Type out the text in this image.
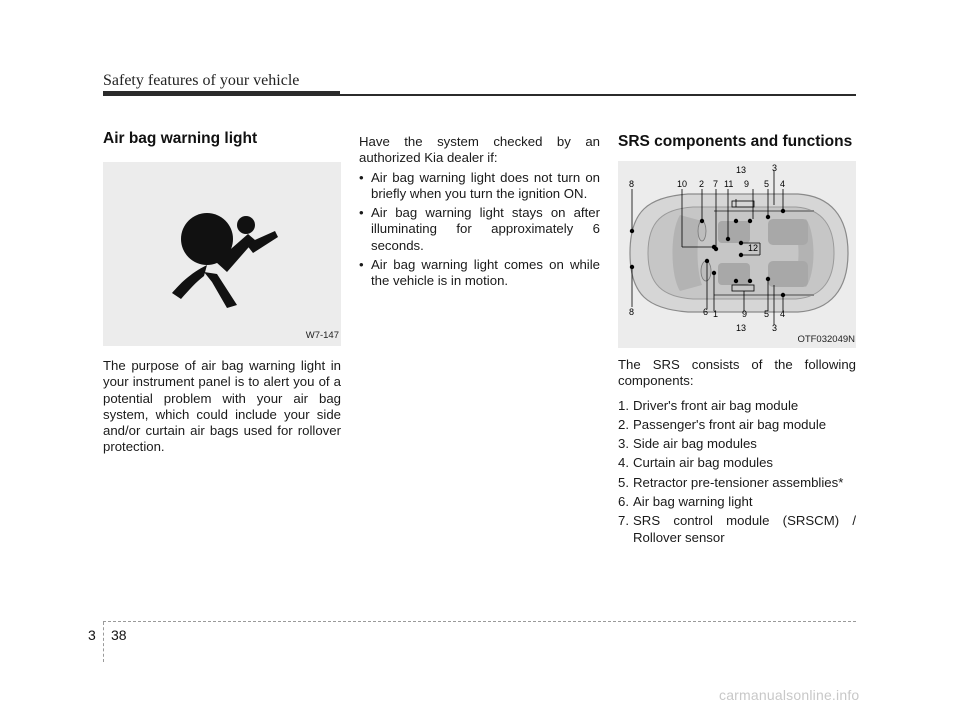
Safety features of your vehicle
Air bag warning light
W7-147

The purpose of air bag warning light in your instrument panel is to alert you of a potential problem with your air bag system, which could include your side and/or curtain air bags used for rollover protection.

Have the system checked by an authorized Kia dealer if:

• Air bag warning light does not turn on briefly when you turn the ignition ON.
• Air bag warning light stays on after illuminating for approximately 6 seconds.
• Air bag warning light comes on while the vehicle is in motion.
SRS components and functions
13	3
8	10 2 7 11 9 5 4
12
8	6 1	9 5 4
13	3
OTF032049N

The SRS consists of the following components:

1. Driver's front air bag module
2. Passenger's front air bag module
3. Side air bag modules
4. Curtain air bag modules
5. Retractor pre-tensioner assemblies*
6. Air bag warning light
7. SRS control module (SRSCM) / Rollover sensor
3 38
carmanualsonline.info
